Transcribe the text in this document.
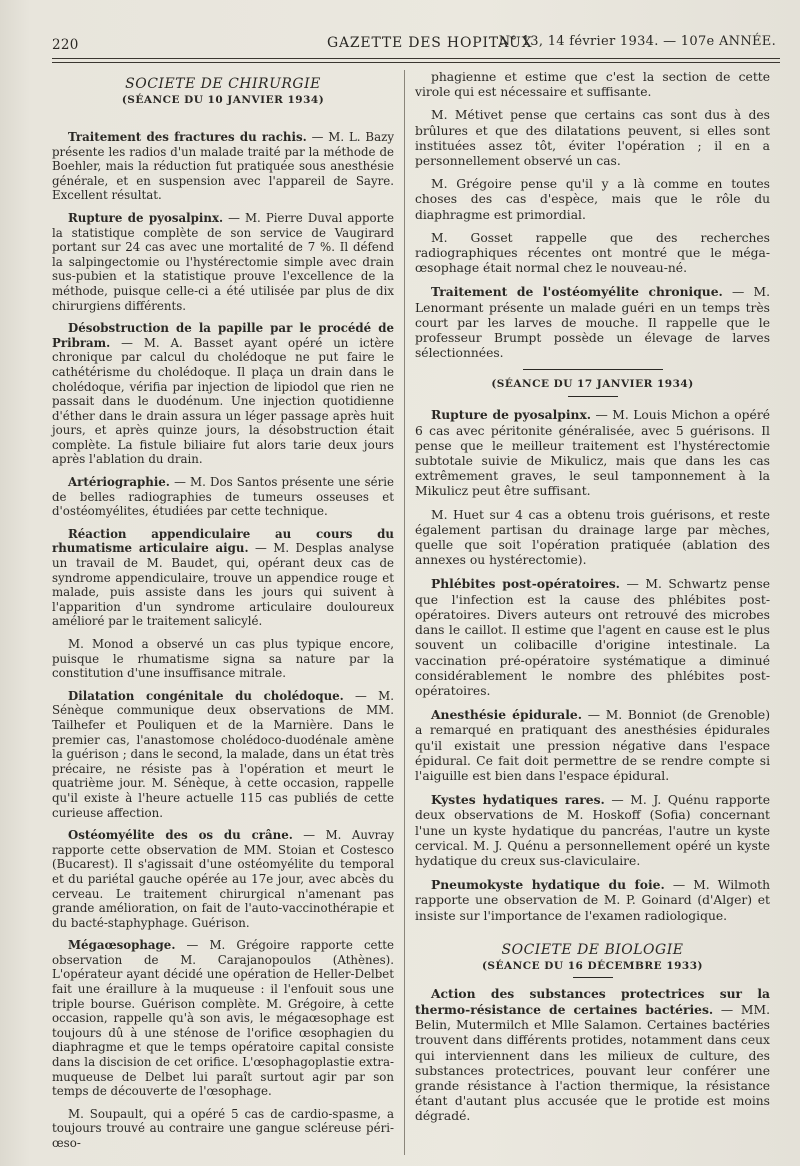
220	GAZETTE DES HOPITAUX
N° 13, 14 février 1934. — 107e ANNÉE.
SOCIETE DE CHIRURGIE
(SÉANCE DU 10 JANVIER 1934)

Traitement des fractures du rachis. — M. L. Bazy présente les radios d'un malade traité par la méthode de Boehler, mais la réduction fut pratiquée sous anesthésie générale, et en suspension avec l'appareil de Sayre. Excellent résultat.

Rupture de pyosalpinx. — M. Pierre Duval apporte la statistique complète de son service de Vaugirard portant sur 24 cas avec une mortalité de 7 %. Il défend la salpingectomie ou l'hystérectomie simple avec drain sus-pubien et la statistique prouve l'excellence de la méthode, puisque celle-ci a été utilisée par plus de dix chirurgiens différents.

Désobstruction de la papille par le procédé de Pribram. — M. A. Basset ayant opéré un ictère chronique par calcul du cholédoque ne put faire le cathétérisme du cholédoque. Il plaça un drain dans le cholédoque, vérifia par injection de lipiodol que rien ne passait dans le duodénum. Une injection quotidienne d'éther dans le drain assura un léger passage après huit jours, et après quinze jours, la désobstruction était complète. La fistule biliaire fut alors tarie deux jours après l'ablation du drain.

Artériographie. — M. Dos Santos présente une série de belles radiographies de tumeurs osseuses et d'ostéomyélites, étudiées par cette technique.

Réaction appendiculaire au cours du rhumatisme articulaire aigu. — M. Desplas analyse un travail de M. Baudet, qui, opérant deux cas de syndrome appendiculaire, trouve un appendice rouge et malade, puis assiste dans les jours qui suivent à l'apparition d'un syndrome articulaire douloureux amélioré par le traitement salicylé.

M. Monod a observé un cas plus typique encore, puisque le rhumatisme signa sa nature par la constitution d'une insuffisance mitrale.

Dilatation congénitale du cholédoque. — M. Sénèque communique deux observations de MM. Tailhefer et Pouliquen et de la Marnière. Dans le premier cas, l'anastomose cholédoco-duodénale amène la guérison ; dans le second, la malade, dans un état très précaire, ne résiste pas à l'opération et meurt le quatrième jour. M. Sénèque, à cette occasion, rappelle qu'il existe à l'heure actuelle 115 cas publiés de cette curieuse affection.

Ostéomyélite des os du crâne. — M. Auvray rapporte cette observation de MM. Stoian et Costesco (Bucarest). Il s'agissait d'une ostéomyélite du temporal et du pariétal gauche opérée au 17e jour, avec abcès du cerveau. Le traitement chirurgical n'amenant pas grande amélioration, on fait de l'auto-vaccinothérapie et du bacté-staphyphage. Guérison.

Mégaœsophage. — M. Grégoire rapporte cette observation de M. Carajanopoulos (Athènes). L'opérateur ayant décidé une opération de Heller-Delbet fait une éraillure à la muqueuse : il l'enfouit sous une triple bourse. Guérison complète. M. Grégoire, à cette occasion, rappelle qu'à son avis, le mégaœsophage est toujours dû à une sténose de l'orifice œsophagien du diaphragme et que le temps opératoire capital consiste dans la discision de cet orifice. L'œsophagoplastie extra-muqueuse de Delbet lui paraît surtout agir par son temps de découverte de l'œsophage.

M. Soupault, qui a opéré 5 cas de cardio-spasme, a toujours trouvé au contraire une gangue scléreuse péri-œso-

phagienne et estime que c'est la section de cette virole qui est nécessaire et suffisante.

M. Métivet pense que certains cas sont dus à des brûlures et que des dilatations peuvent, si elles sont instituées assez tôt, éviter l'opération ; il en a personnellement observé un cas.

M. Grégoire pense qu'il y a là comme en toutes choses des cas d'espèce, mais que le rôle du diaphragme est primordial.

M. Gosset rappelle que des recherches radiographiques récentes ont montré que le méga-œsophage était normal chez le nouveau-né.

Traitement de l'ostéomyélite chronique. — M. Lenormant présente un malade guéri en un temps très court par les larves de mouche. Il rappelle que le professeur Brumpt possède un élevage de larves sélectionnées.

(SÉANCE DU 17 JANVIER 1934)

Rupture de pyosalpinx. — M. Louis Michon a opéré 6 cas avec péritonite généralisée, avec 5 guérisons. Il pense que le meilleur traitement est l'hystérectomie subtotale suivie de Mikulicz, mais que dans les cas extrêmement graves, le seul tamponnement à la Mikulicz peut être suffisant.

M. Huet sur 4 cas a obtenu trois guérisons, et reste également partisan du drainage large par mèches, quelle que soit l'opération pratiquée (ablation des annexes ou hystérectomie).

Phlébites post-opératoires. — M. Schwartz pense que l'infection est la cause des phlébites post-opératoires. Divers auteurs ont retrouvé des microbes dans le caillot. Il estime que l'agent en cause est le plus souvent un colibacille d'origine intestinale. La vaccination pré-opératoire systématique a diminué considérablement le nombre des phlébites post-opératoires.

Anesthésie épidurale. — M. Bonniot (de Grenoble) a remarqué en pratiquant des anesthésies épidurales qu'il existait une pression négative dans l'espace épidural. Ce fait doit permettre de se rendre compte si l'aiguille est bien dans l'espace épidural.

Kystes hydatiques rares. — M. J. Quénu rapporte deux observations de M. Hoskoff (Sofia) concernant l'une un kyste hydatique du pancréas, l'autre un kyste cervical. M. J. Quénu a personnellement opéré un kyste hydatique du creux sus-claviculaire.

Pneumokyste hydatique du foie. — M. Wilmoth rapporte une observation de M. P. Goinard (d'Alger) et insiste sur l'importance de l'examen radiologique.

SOCIETE DE BIOLOGIE
(SÉANCE DU 16 DÉCEMBRE 1933)

Action des substances protectrices sur la thermo-résistance de certaines bactéries. — MM. Belin, Mutermilch et Mlle Salamon. Certaines bactéries trouvent dans différents protides, notamment dans ceux qui interviennent dans les milieux de culture, des substances protectrices, pouvant leur conférer une grande résistance à l'action thermique, la résistance étant d'autant plus accusée que le protide est moins dégradé.
